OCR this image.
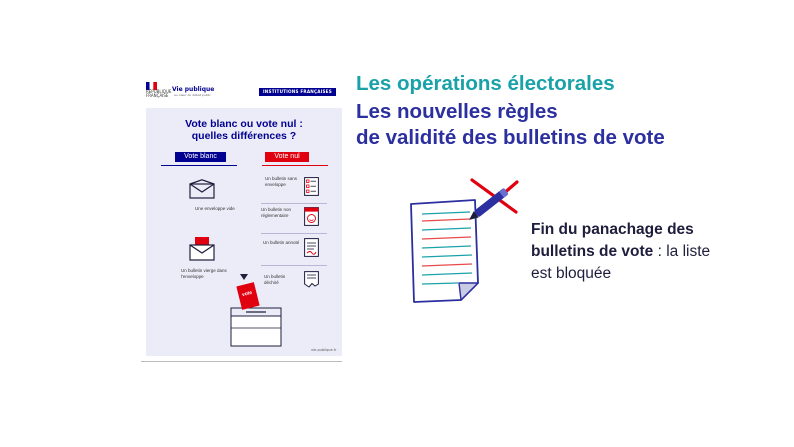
RÉPUBLIQUE FRANÇAISE
Vie publique
au cœur du débat public
INSTITUTIONS FRANÇAISES
Vote blanc ou vote nul :
quelles différences ?
Vote blanc	Vote nul
Une enveloppe vide
Un bulletin vierge dans l'enveloppe
Un bulletin sans enveloppe
Un bulletin non réglementaire
Un bulletin annoté
Un bulletin déchiré
vote
vie-publique.fr
Les opérations électorales
Les nouvelles règles
de validité des bulletins de vote
Fin du panachage des bulletins de vote : la liste est bloquée
